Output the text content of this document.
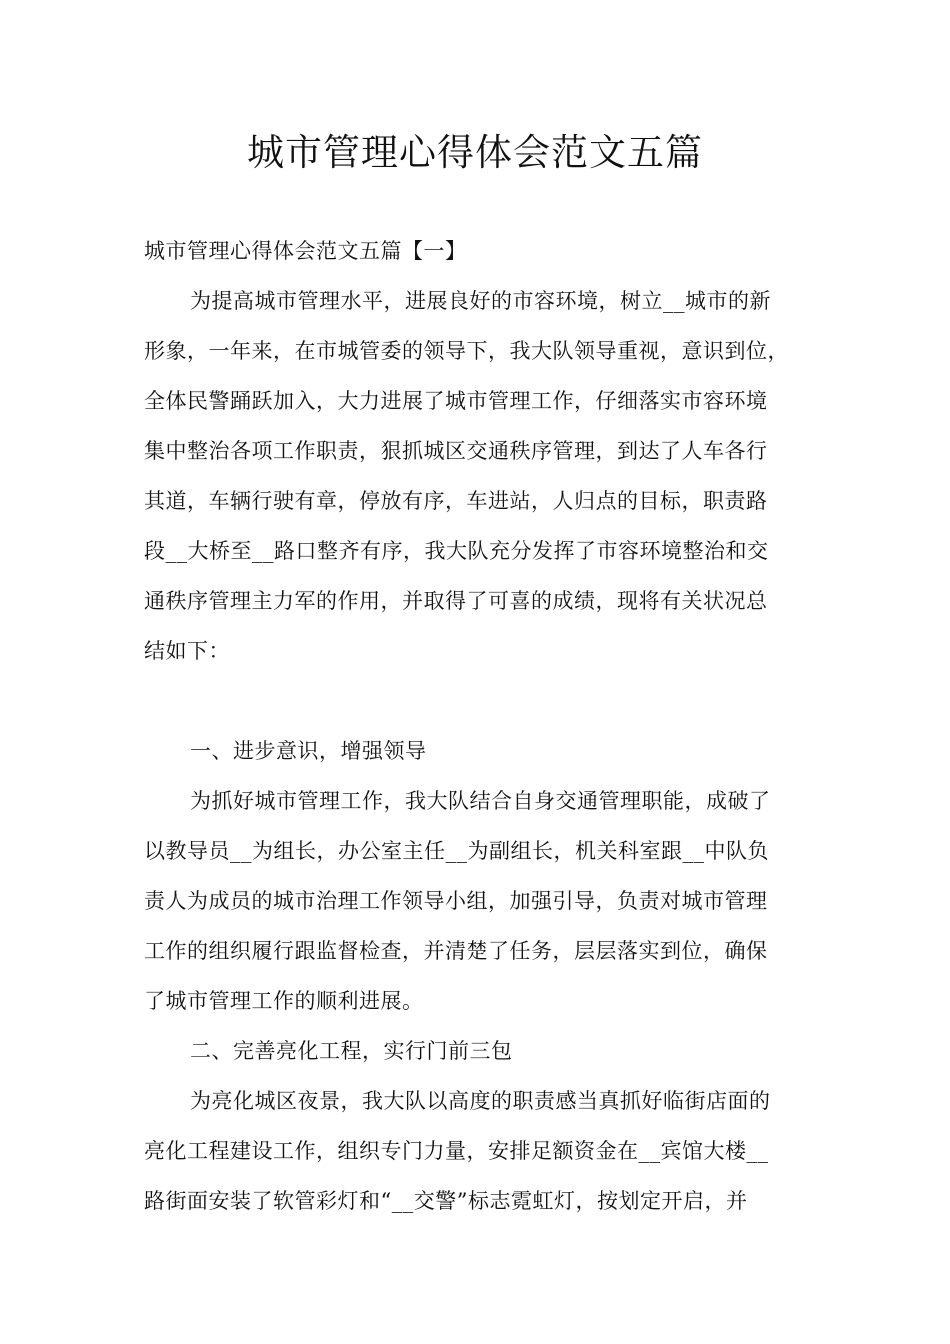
城市管理心得体会范文五篇
城市管理心得体会范文五篇【一】
为提高城市管理水平，进展良好的市容环境，树立__城市的新
形象，一年来，在市城管委的领导下，我大队领导重视，意识到位，
全体民警踊跃加入，大力进展了城市管理工作，仔细落实市容环境
集中整治各项工作职责，狠抓城区交通秩序管理，到达了人车各行
其道，车辆行驶有章，停放有序，车进站，人归点的目标，职责路
段__大桥至__路口整齐有序，我大队充分发挥了市容环境整治和交
通秩序管理主力军的作用，并取得了可喜的成绩，现将有关状况总
结如下：
一、进步意识，增强领导
为抓好城市管理工作，我大队结合自身交通管理职能，成破了
以教导员__为组长，办公室主任__为副组长，机关科室跟__中队负
责人为成员的城市治理工作领导小组，加强引导，负责对城市管理
工作的组织履行跟监督检查，并清楚了任务，层层落实到位，确保
了城市管理工作的顺利进展。
二、完善亮化工程，实行门前三包
为亮化城区夜景，我大队以高度的职责感当真抓好临街店面的
亮化工程建设工作，组织专门力量，安排足额资金在__宾馆大楼__
路街面安装了软管彩灯和“__交警”标志霓虹灯，按划定开启，并
